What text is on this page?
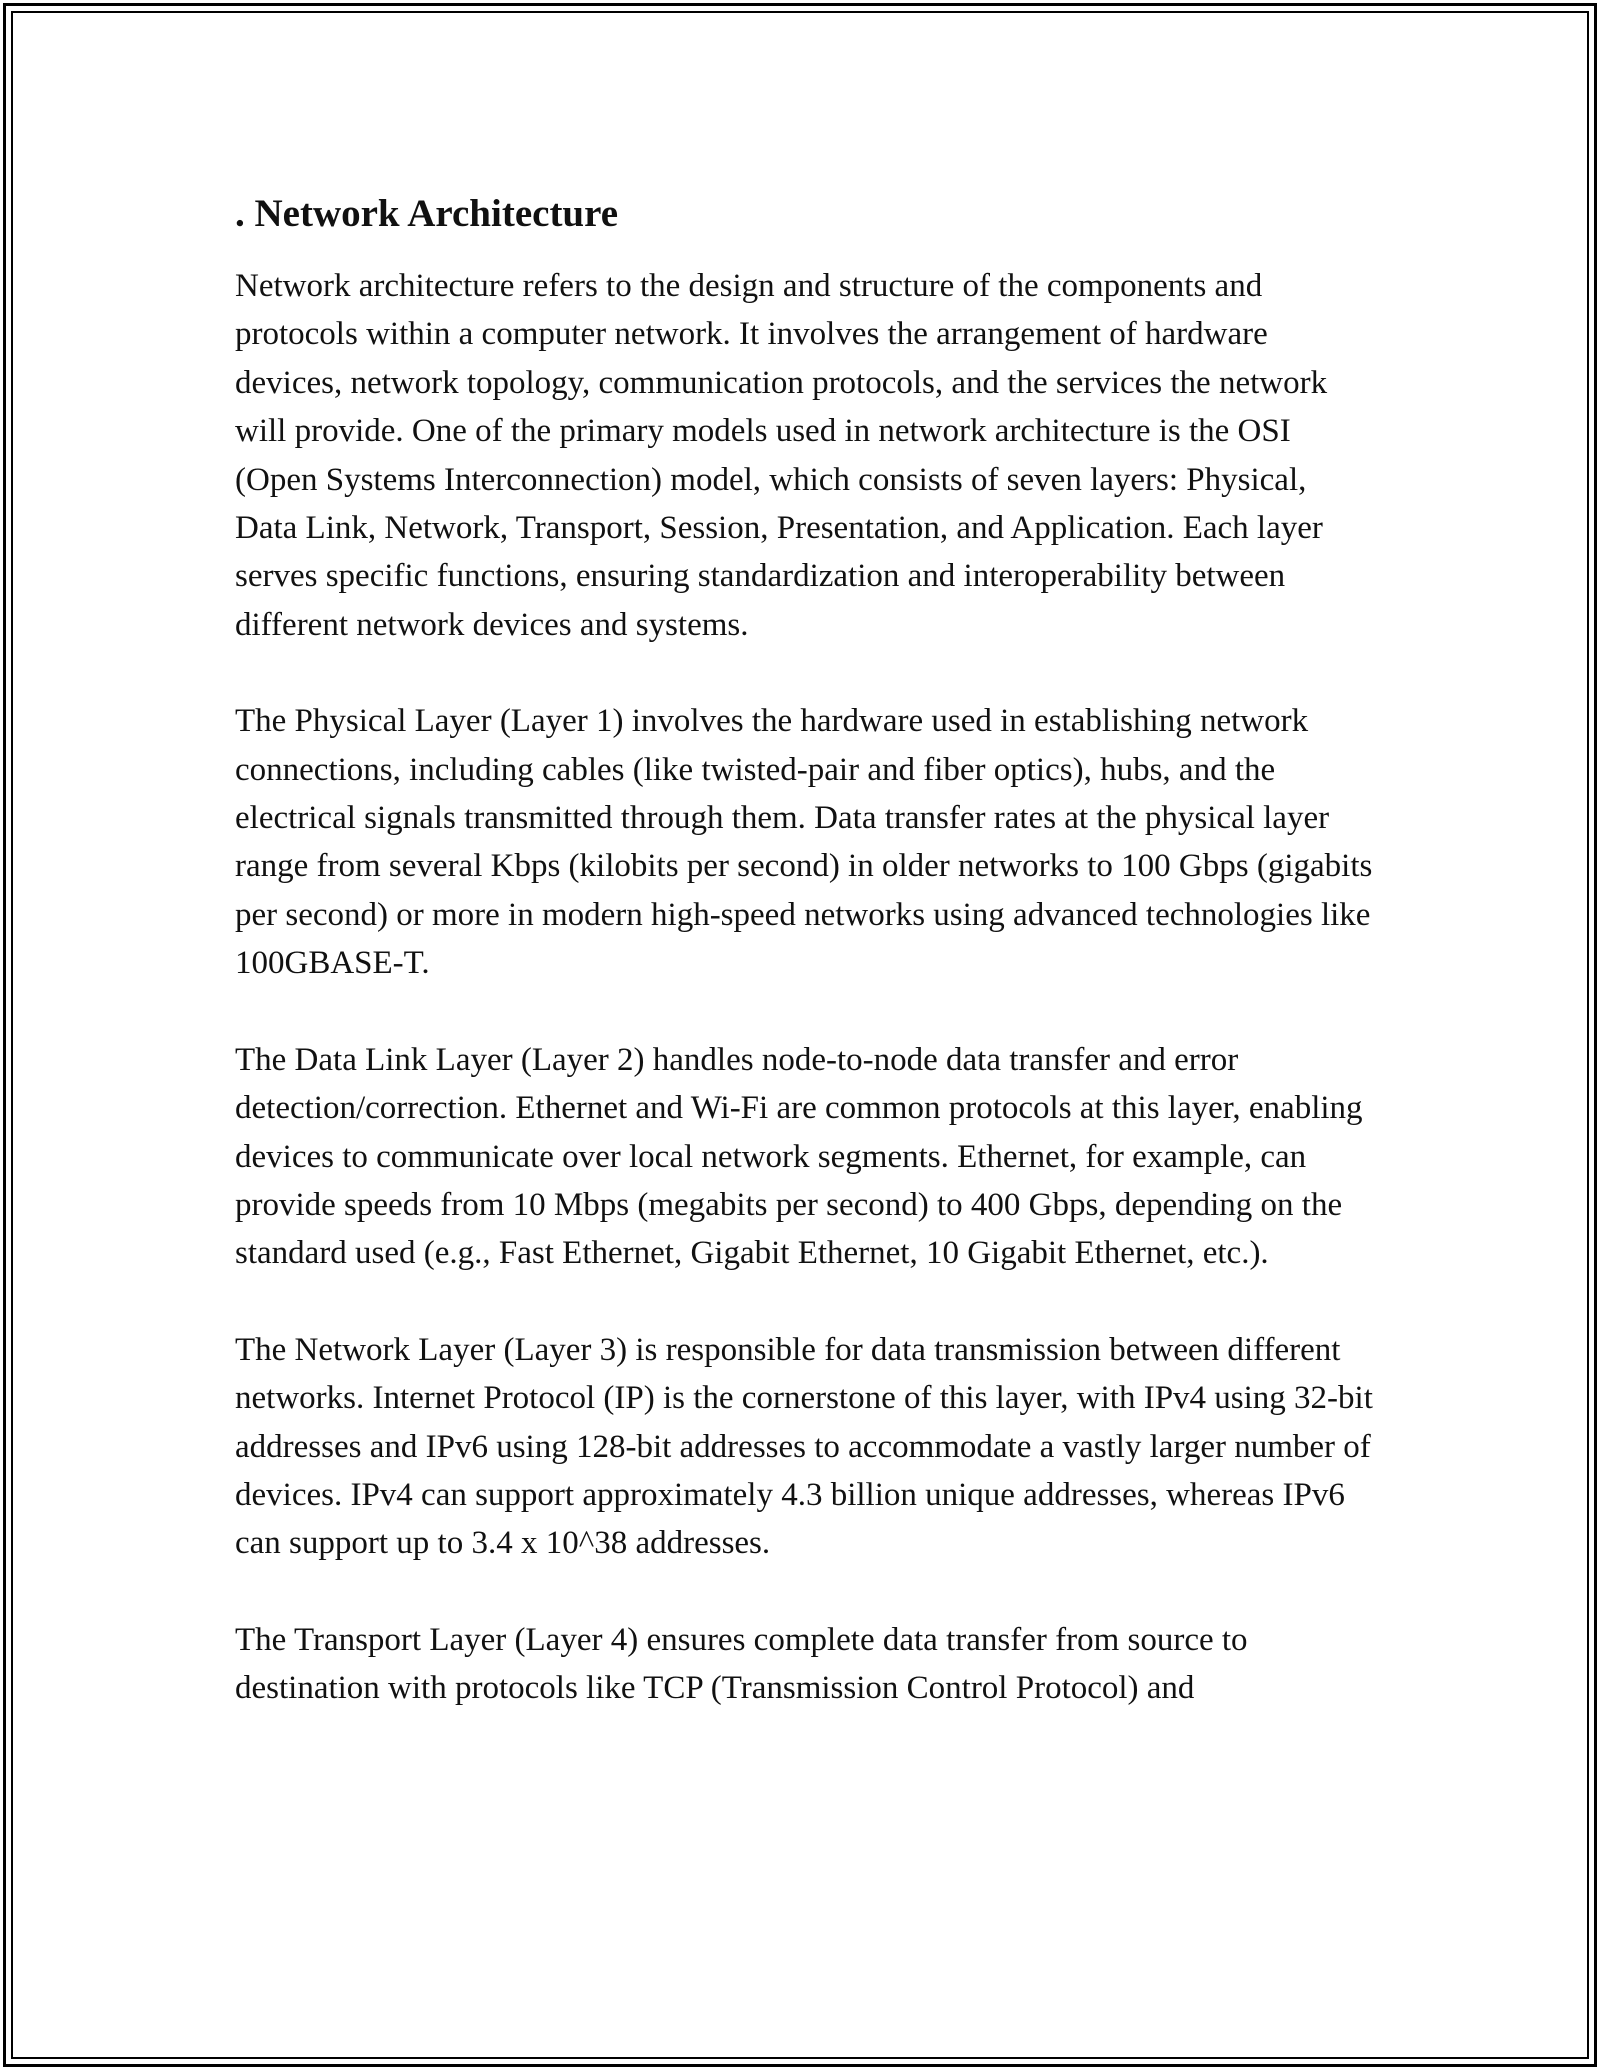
. Network Architecture

Network architecture refers to the design and structure of the components and protocols within a computer network. It involves the arrangement of hardware devices, network topology, communication protocols, and the services the network will provide. One of the primary models used in network architecture is the OSI (Open Systems Interconnection) model, which consists of seven layers: Physical, Data Link, Network, Transport, Session, Presentation, and Application. Each layer serves specific functions, ensuring standardization and interoperability between different network devices and systems.

The Physical Layer (Layer 1) involves the hardware used in establishing network connections, including cables (like twisted-pair and fiber optics), hubs, and the electrical signals transmitted through them. Data transfer rates at the physical layer range from several Kbps (kilobits per second) in older networks to 100 Gbps (gigabits per second) or more in modern high-speed networks using advanced technologies like 100GBASE-T.

The Data Link Layer (Layer 2) handles node-to-node data transfer and error detection/correction. Ethernet and Wi-Fi are common protocols at this layer, enabling devices to communicate over local network segments. Ethernet, for example, can provide speeds from 10 Mbps (megabits per second) to 400 Gbps, depending on the standard used (e.g., Fast Ethernet, Gigabit Ethernet, 10 Gigabit Ethernet, etc.).

The Network Layer (Layer 3) is responsible for data transmission between different networks. Internet Protocol (IP) is the cornerstone of this layer, with IPv4 using 32-bit addresses and IPv6 using 128-bit addresses to accommodate a vastly larger number of devices. IPv4 can support approximately 4.3 billion unique addresses, whereas IPv6 can support up to 3.4 x 10^38 addresses.

The Transport Layer (Layer 4) ensures complete data transfer from source to destination with protocols like TCP (Transmission Control Protocol) and
